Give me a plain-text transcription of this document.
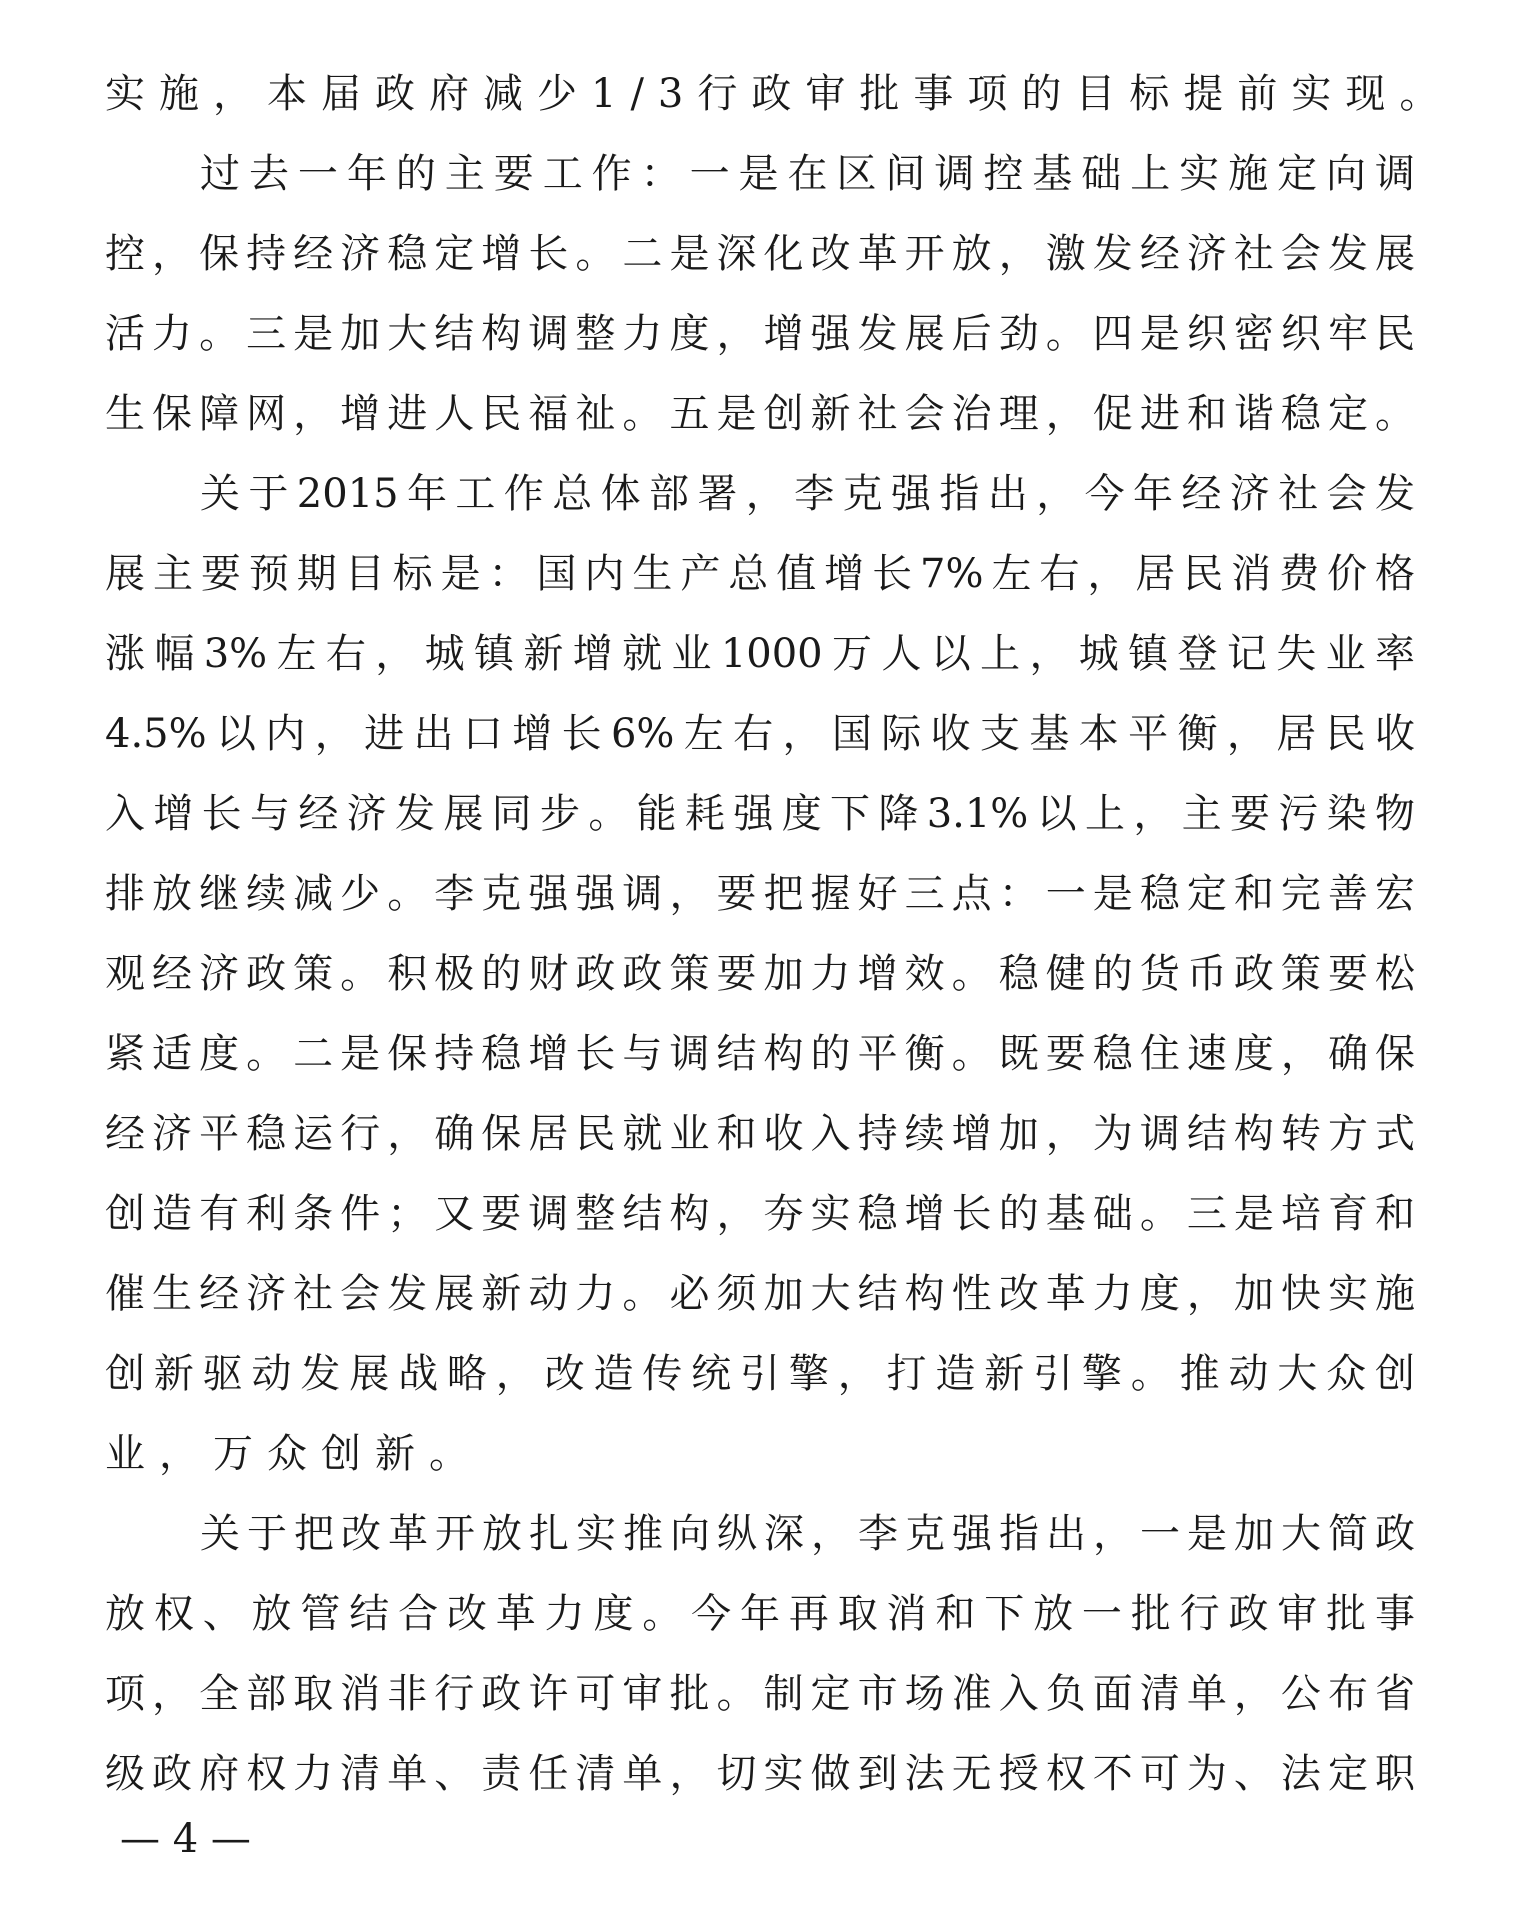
实施，本届政府减少1/3行政审批事项的目标提前实现。
过去一年的主要工作：一是在区间调控基础上实施定向调
控，保持经济稳定增长。二是深化改革开放，激发经济社会发展
活力。三是加大结构调整力度，增强发展后劲。四是织密织牢民
生保障网，增进人民福祉。五是创新社会治理，促进和谐稳定。
关于2015年工作总体部署，李克强指出，今年经济社会发
展主要预期目标是：国内生产总值增长7%左右，居民消费价格
涨幅3%左右，城镇新增就业1000万人以上，城镇登记失业率
4.5%以内，进出口增长6%左右，国际收支基本平衡，居民收
入增长与经济发展同步。能耗强度下降3.1%以上，主要污染物
排放继续减少。李克强强调，要把握好三点：一是稳定和完善宏
观经济政策。积极的财政政策要加力增效。稳健的货币政策要松
紧适度。二是保持稳增长与调结构的平衡。既要稳住速度，确保
经济平稳运行，确保居民就业和收入持续增加，为调结构转方式
创造有利条件；又要调整结构，夯实稳增长的基础。三是培育和
催生经济社会发展新动力。必须加大结构性改革力度，加快实施
创新驱动发展战略，改造传统引擎，打造新引擎。推动大众创
业，万众创新。
关于把改革开放扎实推向纵深，李克强指出，一是加大简政
放权、放管结合改革力度。今年再取消和下放一批行政审批事
项，全部取消非行政许可审批。制定市场准入负面清单，公布省
级政府权力清单、责任清单，切实做到法无授权不可为、法定职
— 4 —
